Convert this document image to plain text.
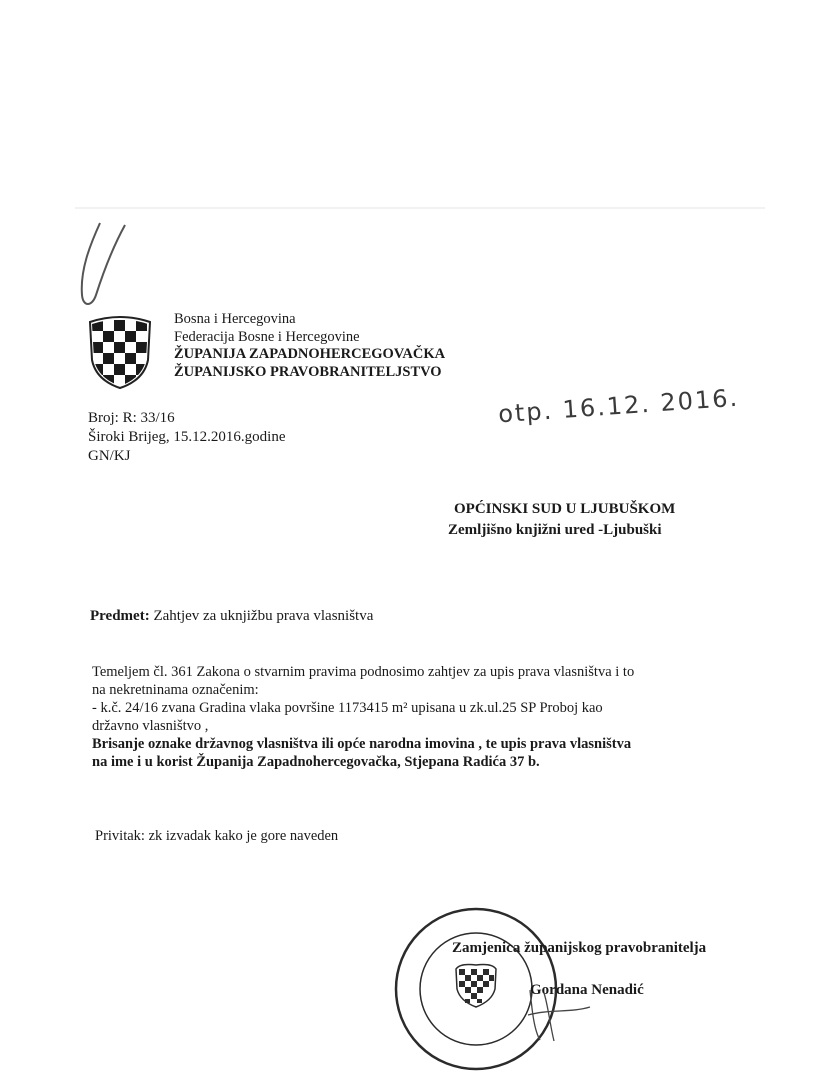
Bosna i Hercegovina
Federacija Bosne i Hercegovine
ŽUPANIJA ZAPADNOHERCEGOVAČKA
ŽUPANIJSKO PRAVOBRANITELJSTVO
Broj: R: 33/16
Široki Brijeg, 15.12.2016.godine
GN/KJ
otp. 16.12. 2016.
OPĆINSKI SUD U LJUBUŠKOM
Zemljišno knjižni ured -Ljubuški
Predmet: Zahtjev za uknjižbu prava vlasništva
Temeljem čl. 361 Zakona o stvarnim pravima podnosimo zahtjev za upis prava vlasništva i to
na nekretninama označenim:
- k.č. 24/16 zvana Gradina vlaka površine 1173415 m² upisana u zk.ul.25 SP Proboj kao
državno vlasništvo ,
Brisanje oznake državnog vlasništva ili opće narodna imovina , te upis prava vlasništva
na ime i u korist Županija Zapadnohercegovačka, Stjepana Radića 37 b.
Privitak: zk izvadak kako je gore naveden
Zamjenica županijskog pravobranitelja
Gordana Nenadić
